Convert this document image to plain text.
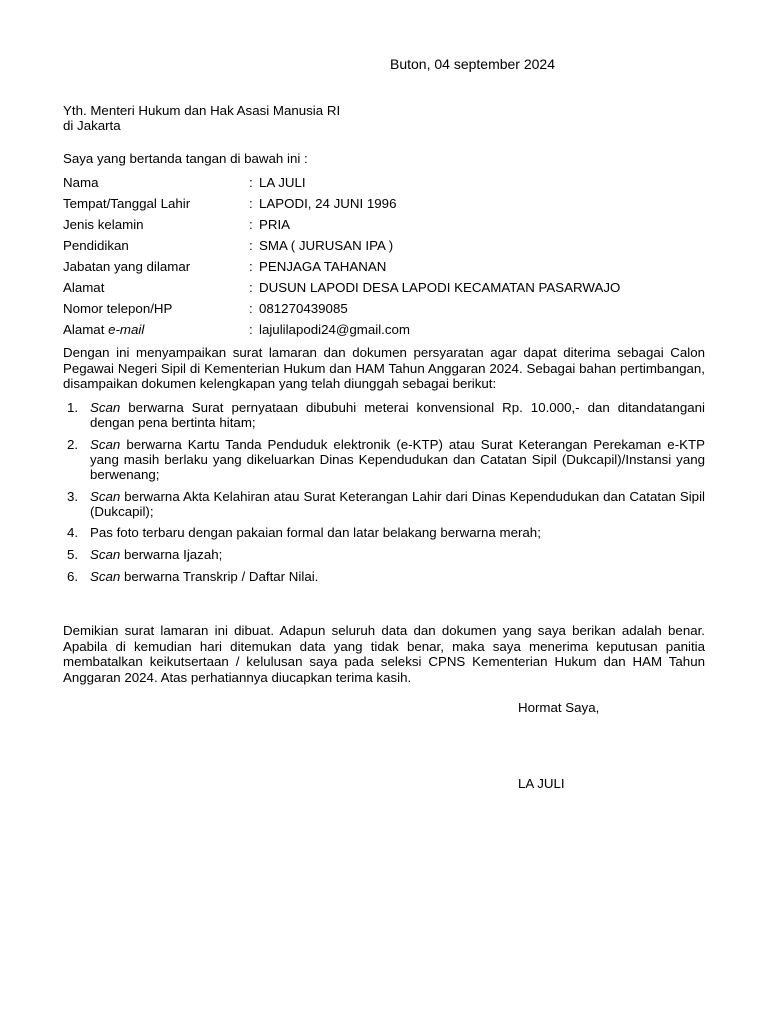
Buton, 04 september 2024
Yth. Menteri Hukum dan Hak Asasi Manusia RI
di Jakarta
Saya yang bertanda tangan di bawah ini :
Nama	: LA JULI
Tempat/Tanggal Lahir	: LAPODI, 24 JUNI 1996
Jenis kelamin	: PRIA
Pendidikan	: SMA ( JURUSAN IPA )
Jabatan yang dilamar	: PENJAGA TAHANAN
Alamat	: DUSUN LAPODI DESA LAPODI KECAMATAN PASARWAJO
Nomor telepon/HP	: 081270439085
Alamat e-mail	: lajulilapodi24@gmail.com
Dengan ini menyampaikan surat lamaran dan dokumen persyaratan agar dapat diterima sebagai Calon Pegawai Negeri Sipil di Kementerian Hukum dan HAM Tahun Anggaran 2024. Sebagai bahan pertimbangan, disampaikan dokumen kelengkapan yang telah diunggah sebagai berikut:
1. Scan berwarna Surat pernyataan dibubuhi meterai konvensional Rp. 10.000,- dan ditandatangani dengan pena bertinta hitam;
2. Scan berwarna Kartu Tanda Penduduk elektronik (e-KTP) atau Surat Keterangan Perekaman e-KTP yang masih berlaku yang dikeluarkan Dinas Kependudukan dan Catatan Sipil (Dukcapil)/Instansi yang berwenang;
3. Scan berwarna Akta Kelahiran atau Surat Keterangan Lahir dari Dinas Kependudukan dan Catatan Sipil (Dukcapil);
4. Pas foto terbaru dengan pakaian formal dan latar belakang berwarna merah;
5. Scan berwarna Ijazah;
6. Scan berwarna Transkrip / Daftar Nilai.
Demikian surat lamaran ini dibuat. Adapun seluruh data dan dokumen yang saya berikan adalah benar. Apabila di kemudian hari ditemukan data yang tidak benar, maka saya menerima keputusan panitia membatalkan keikutsertaan / kelulusan saya pada seleksi CPNS Kementerian Hukum dan HAM Tahun Anggaran 2024. Atas perhatiannya diucapkan terima kasih.
Hormat Saya,
LA JULI
